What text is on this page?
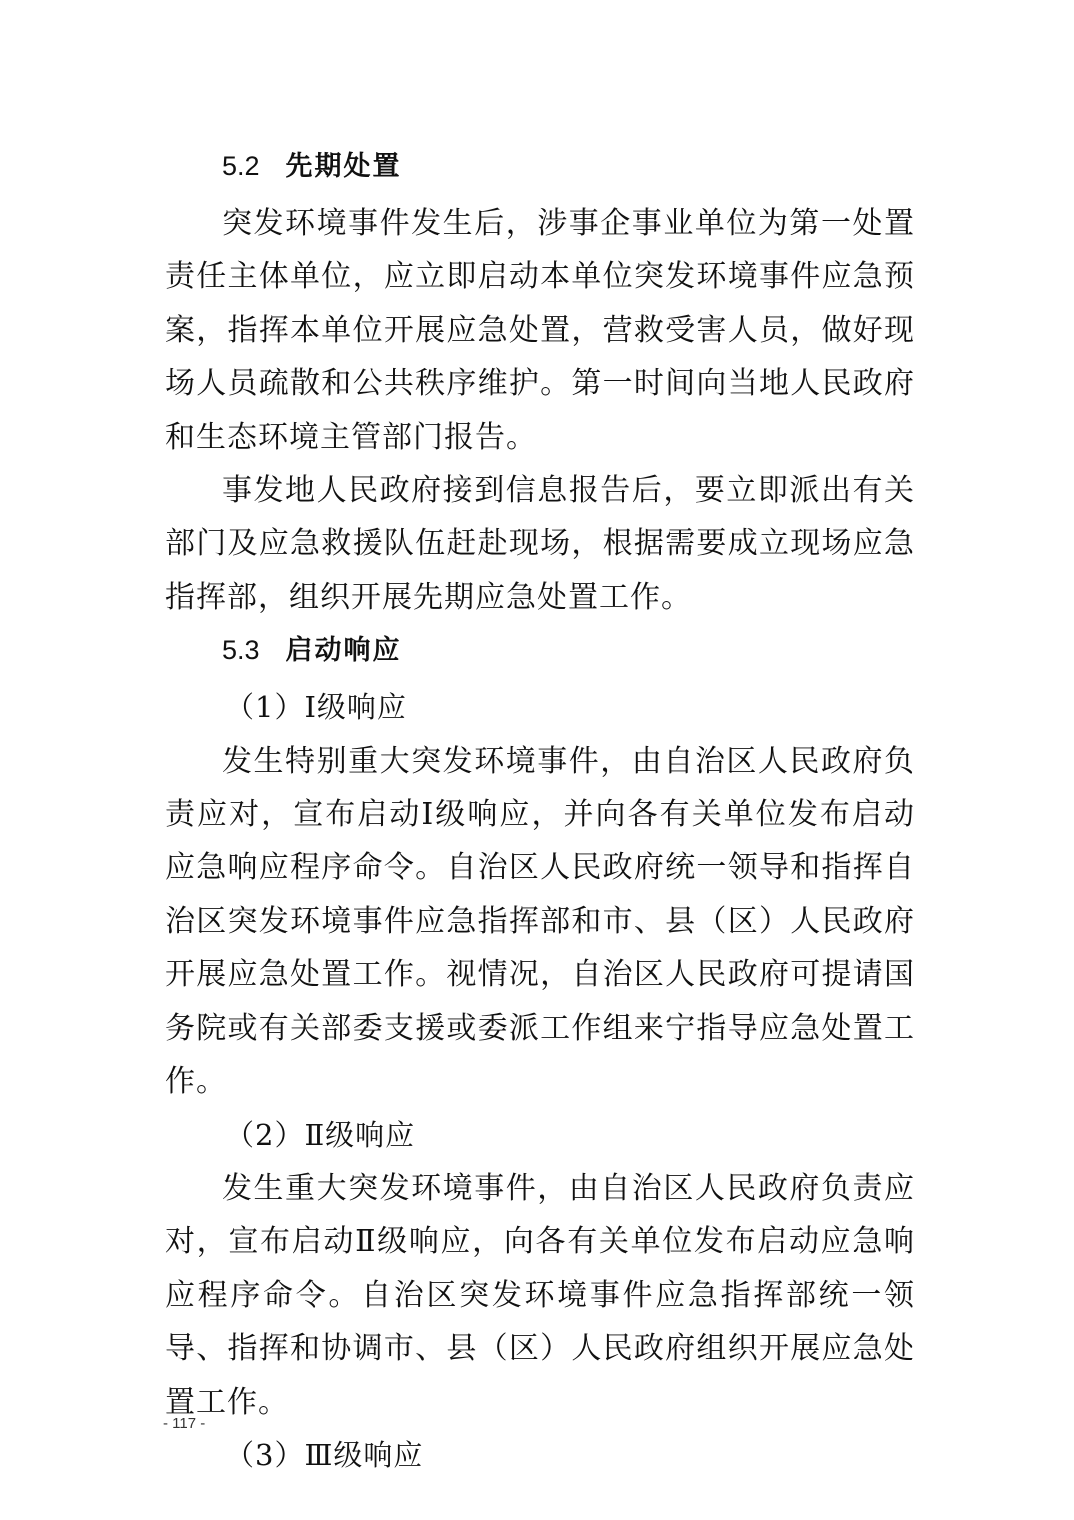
5.2 先期处置

突发环境事件发生后，涉事企事业单位为第一处置责任主体单位，应立即启动本单位突发环境事件应急预案，指挥本单位开展应急处置，营救受害人员，做好现场人员疏散和公共秩序维护。第一时间向当地人民政府和生态环境主管部门报告。

事发地人民政府接到信息报告后，要立即派出有关部门及应急救援队伍赶赴现场，根据需要成立现场应急指挥部，组织开展先期应急处置工作。

5.3 启动响应
（1）Ⅰ级响应

发生特别重大突发环境事件，由自治区人民政府负责应对，宣布启动Ⅰ级响应，并向各有关单位发布启动应急响应程序命令。自治区人民政府统一领导和指挥自治区突发环境事件应急指挥部和市、县（区）人民政府开展应急处置工作。视情况，自治区人民政府可提请国务院或有关部委支援或委派工作组来宁指导应急处置工作。

（2）Ⅱ级响应

发生重大突发环境事件，由自治区人民政府负责应对，宣布启动Ⅱ级响应，向各有关单位发布启动应急响应程序命令。自治区突发环境事件应急指挥部统一领导、指挥和协调市、县（区）人民政府组织开展应急处置工作。

（3）Ⅲ级响应
- 117 -
